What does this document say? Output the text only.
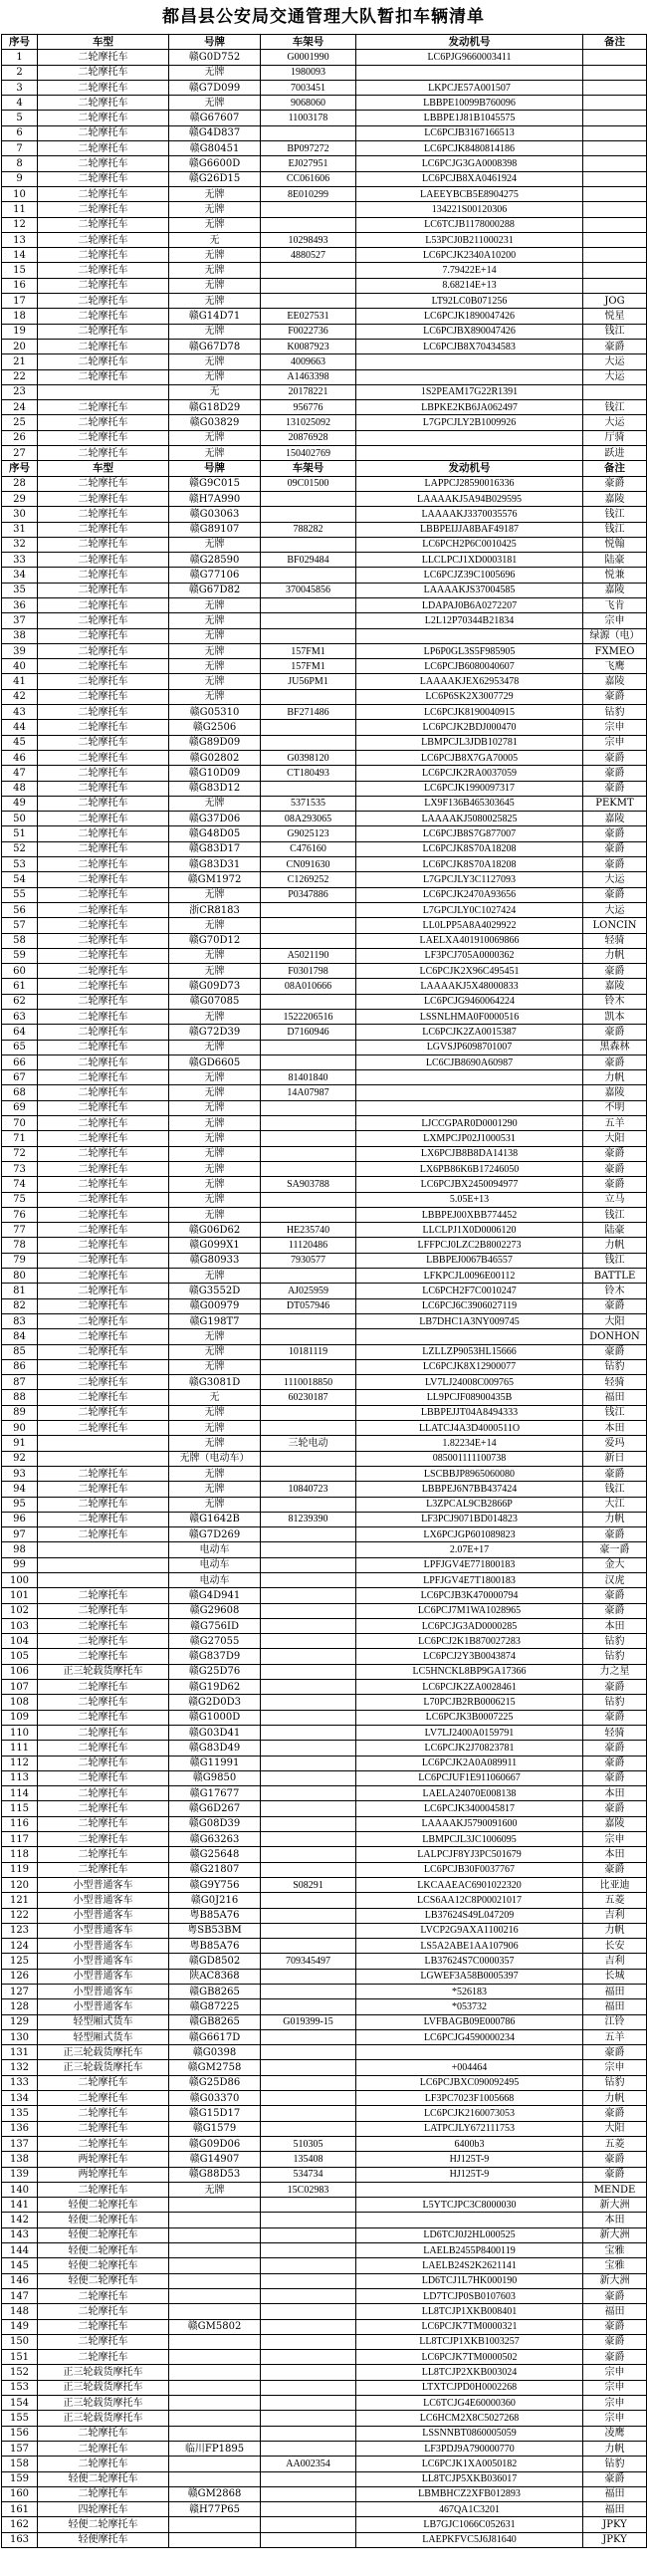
都昌县公安局交通管理大队暂扣车辆清单
序号	车型	号牌	车架号	发动机号	备注
1	二轮摩托车	赣G0D752	G0001990	LC6PJG9660003411	
2	二轮摩托车	无牌	1980093		
3	二轮摩托车	赣G7D099	7003451	LKPCJE57A001507	
4	二轮摩托车	无牌	9068060	LBBPE10099B760096	
5	二轮摩托车	赣G67607	11003178	LBBPE1J81B1045575	
6	二轮摩托车	赣G4D837		LC6PCJB3167166513	
7	二轮摩托车	赣G80451	BP097272	LC6PCJK8480814186	
8	二轮摩托车	赣G6600D	EJ027951	LC6PCJG3GA0008398	
9	二轮摩托车	赣G26D15	CC061606	LC6PCJB8XA0461924	
10	二轮摩托车	无牌	8E010299	LAEEYBCB5E8904275	
11	二轮摩托车	无牌		134221S00120306	
12	二轮摩托车	无牌		LC6TCJB1178000288	
13	二轮摩托车	无	10298493	L53PCJ0B211000231	
14	二轮摩托车	无牌	4880527	LC6PCJK2340A10200	
15	二轮摩托车	无牌		7.79422E+14	
16	二轮摩托车	无牌		8.68214E+13	
17	二轮摩托车	无牌		LT92LC0B071256	JOG
18	二轮摩托车	赣G14D71	EE027531	LC6PCJK1890047426	悦星
19	二轮摩托车	无牌	F0022736	LC6PCJBX890047426	钱江
20	二轮摩托车	赣G67D78	K0087923	LC6PCJB8X70434583	豪爵
21	二轮摩托车	无牌	4009663		大运
22	二轮摩托车	无牌	A1463398		大运
23		无	20178221	1S2PEAM17G22R1391	
24	二轮摩托车	赣G18D29	956776	LBPKE2KB6JA062497	钱江
25	二轮摩托车	赣G03829	131025092	L7GPCJLY2B1009926	大运
26	二轮摩托车	无牌	20876928		厅骑
27	二轮摩托车	无牌	150402769		跃进
序号	车型	号牌	车架号	发动机号	备注
28	二轮摩托车	赣G9C015	09C01500	LAPPCJ28590016336	豪爵
29	二轮摩托车	赣H7A990		LAAAAKJ5A94B029595	嘉陵
30	二轮摩托车	赣G03063		LAAAAKJ3370035576	钱江
31	二轮摩托车	赣G89107	788282	LBBPEIJJA8BAF49187	钱江
32	二轮摩托车	无牌		LC6PCH2P6C0010425	悦翰
33	二轮摩托车	赣G28590	BF029484	LLCLPCJ1XD0003181	陆豪
34	二轮摩托车	赣G77106		LC6PCJZ39C1005696	悦兼
35	二轮摩托车	赣G67D82	370045856	LAAAAKJS37004585	嘉陵
36	二轮摩托车	无牌		LDAPAJ0B6A0272207	飞肯
37	二轮摩托车	无牌		L2L12P70344B21834	宗申
38	二轮摩托车	无牌			绿源（电）
39	二轮摩托车	无牌	157FM1	LP6P0GL3S5F985905	FXMEO
40	二轮摩托车	无牌	157FM1	LC6PCJB6080040607	飞鹰
41	二轮摩托车	无牌	JU56PM1	LAAAAKJEX62953478	嘉陵
42	二轮摩托车	无牌		LC6P6SK2X3007729	豪爵
43	二轮摩托车	赣G05310	BF271486	LC6PCJK8190040915	钻豹
44	二轮摩托车	赣G2506		LC6PCJK2BDJ000470	宗申
45	二轮摩托车	赣G89D09		LBMPCJL3JDB102781	宗申
46	二轮摩托车	赣G02802	G0398120	LC6PCJB8X7GA70005	豪爵
47	二轮摩托车	赣G10D09	CT180493	LC6PCJK2RA0037059	豪爵
48	二轮摩托车	赣G83D12		LC6PCJK1990097317	豪爵
49	二轮摩托车	无牌	5371535	LX9F136B465303645	PEKMT
50	二轮摩托车	赣G37D06	08A293065	LAAAAKJ5080025825	嘉陵
51	二轮摩托车	赣G48D05	G9025123	LC6PCJB8S7G877007	豪爵
52	二轮摩托车	赣G83D17	C476160	LC6PCJK8S70A18208	豪爵
53	二轮摩托车	赣G83D31	CN091630	LC6PCJK8S70A18208	豪爵
54	二轮摩托车	赣GM1972	C1269252	L7GPCJLY3C1127093	大运
55	二轮摩托车	无牌	P0347886	LC6PCJK2470A93656	豪爵
56	二轮摩托车	浙CR8183		L7GPCJLY0C1027424	大运
57	二轮摩托车	无牌		LL0LPP5A8A4029922	LONCIN
58	二轮摩托车	赣G70D12		LAELXA401910069866	轻骑
59	二轮摩托车	无牌	A5021190	LF3PCJ705A0000362	力帆
60	二轮摩托车	无牌	F0301798	LC6PCJK2X96C495451	豪爵
61	二轮摩托车	赣G09D73	08A010666	LAAAAKJ5X48000833	嘉陵
62	二轮摩托车	赣G07085		LC6PCJG9460064224	铃木
63	二轮摩托车	无牌	1522206516	LSSNLHMA0F0000516	凯本
64	二轮摩托车	赣G72D39	D7160946	LC6PCJK2ZA0015387	豪爵
65	二轮摩托车	无牌		LGVSJP6098701007	黑森林
66	二轮摩托车	赣GD6605		LC6CJB8690A60987	豪爵
67	二轮摩托车	无牌	81401840		力帆
68	二轮摩托车	无牌	14A07987		嘉陵
69	二轮摩托车	无牌			不明
70	二轮摩托车	无牌		LJCCGPAR0D0001290	五羊
71	二轮摩托车	无牌		LXMPCJP02J1000531	大阳
72	二轮摩托车	无牌		LX6PCJB8B8DA14138	豪爵
73	二轮摩托车	无牌		LX6PB86K6B17246050	豪爵
74	二轮摩托车	无牌	SA903788	LC6PCJBX2450094977	豪爵
75	二轮摩托车	无牌		5.05E+13	立马
76	二轮摩托车	无牌		LBBPEJ00XBB774452	钱江
77	二轮摩托车	赣G06D62	HE235740	LLCLPJ1X0D0006120	陆豪
78	二轮摩托车	赣G099X1	11120486	LFFPCJ0LZC2B8002273	力帆
79	二轮摩托车	赣G80933	7930577	LBBPEJ0067B46557	钱江
80	二轮摩托车	无牌		LFKPCJL0096E00112	BATTLE
81	二轮摩托车	赣G3552D	AJ025959	LC6PCH2F7C0010247	铃木
82	二轮摩托车	赣G00979	DT057946	LC6PCJ6C3906027119	豪爵
83	二轮摩托车	赣G198T7		LB7DHC1A3NY009745	大阳
84	二轮摩托车	无牌			DONHON
85	二轮摩托车	无牌	10181119	LZLLZP9053HL15666	豪爵
86	二轮摩托车	无牌		LC6PCJK8X12900077	钻豹
87	二轮摩托车	赣G3081D	1110018850	LV7LJ24008C009765	轻骑
88	二轮摩托车	无	60230187	LL9PCJF08900435B	福田
89	二轮摩托车	无牌		LBBPEJJT04A8494333	钱江
90	二轮摩托车	无牌		LLATCJ4A3D4000511O	本田
91		无牌	三轮电动	1.82234E+14	爱玛
92		无牌（电动车）		085001111100738	新日
93	二轮摩托车	无牌		LSCBBJP8965060080	豪爵
94	二轮摩托车	无牌	10840723	LBBPEJ6N7BB437424	钱江
95	二轮摩托车	无牌		L3ZPCAL9CB2866P	大江
96	二轮摩托车	赣G1642B	81239390	LF3PCJ9071BD014823	力帆
97	二轮摩托车	赣G7D269		LX6PCJGP601089823	豪爵
98		电动车		2.07E+17	豪一爵
99		电动车		LPFJGV4E771800183	金大
100		电动车		LPFJGV4E7T1800183	汉虎
101	二轮摩托车	赣G4D941		LC6PCJB3K470000794	豪爵
102	二轮摩托车	赣G29608		LC6PCJ7M1WA1028965	豪爵
103	二轮摩托车	赣G756ID		LC6PCJG3AD0000285	本田
104	二轮摩托车	赣G27055		LC6PCJ2K1B870027283	钻豹
105	二轮摩托车	赣G837D9		LC6PCJ2Y3B0043874	钻豹
106	正三轮载货摩托车	赣G25D76		LC5HNCKL8BP9GA17366	力之星
107	二轮摩托车	赣G19D62		LC6PCJK2ZA0028461	豪爵
108	二轮摩托车	赣G2D0D3		L70PCJB2RB0006215	钻豹
109	二轮摩托车	赣G1000D		LC6PCJK3B0007225	豪爵
110	二轮摩托车	赣G03D41		LV7LJ2400A0159791	轻骑
111	二轮摩托车	赣G83D49		LC6PCJK2J70823781	豪爵
112	二轮摩托车	赣G11991		LC6PCJK2A0A089911	豪爵
113	二轮摩托车	赣G9850		LC6PCJUF1E911060667	豪爵
114	二轮摩托车	赣G17677		LAELA24070E008138	本田
115	二轮摩托车	赣G6D267		LC6PCJK3400045817	豪爵
116	二轮摩托车	赣G08D39		LAAAAKJ5790091600	嘉陵
117	二轮摩托车	赣G63263		LBMPCJL3JC1006095	宗申
118	二轮摩托车	赣G25648		LALPCJF8YJ3PC501679	本田
119	二轮摩托车	赣G21807		LC6PCJB30F0037767	豪爵
120	小型普通客车	赣G9Y756	S08291	LKCAAEAC6901022320	比亚迪
121	小型普通客车	赣G0J216		LCS6AA12C8P00021017	五菱
122	小型普通客车	粤B85A76		LB37624S49L047209	吉利
123	小型普通客车	粤SB53BM		LVCP2G9AXA1100216	力帆
124	小型普通客车	粤B85A76		LS5A2ABE1AA107906	长安
125	小型普通客车	赣GD8502	709345497	LB37624S7C0000357	吉利
126	小型普通客车	陕AC8368		LGWEF3A58B0005397	长城
127	小型普通客车	赣GB8265		*526183	福田
128	小型普通客车	赣G87225		*053732	福田
129	轻型厢式货车	赣GB8265	G019399-15	LVFBAGB09E000786	江铃
130	轻型厢式货车	赣G6617D		LC6PCJG4590000234	五羊
131	正三轮载货摩托车	赣G0398			豪爵
132	正三轮载货摩托车	赣GM2758		+004464	宗申
133	二轮摩托车	赣G25D86		LC6PCJBXC090092495	钻豹
134	二轮摩托车	赣G03370		LF3PC7023F1005668	力帆
135	二轮摩托车	赣G15D17		LC6PCJK2160073053	豪爵
136	二轮摩托车	赣G1579		LATPCJLY672111753	大阳
137	二轮摩托车	赣G09D06	510305	6400b3	五菱
138	两轮摩托车	赣G14907	135408	HJ125T-9	豪爵
139	两轮摩托车	赣G88D53	534734	HJ125T-9	豪爵
140	二轮摩托车	无牌	15C02983		MENDE
141	轻便二轮摩托车			L5YTCJPC3C8000030	新大洲
142	轻便二轮摩托车				本田
143	轻便二轮摩托车			LD6TCJ0J2HL000525	新大洲
144	轻便二轮摩托车			LAELB2455P8400119	宝雅
145	轻便二轮摩托车			LAELB24S2K2621141	宝雅
146	轻便二轮摩托车			LD6TCJ1L7HK000190	新大洲
147	二轮摩托车			LD7TCJP0SB0107603	豪爵
148	二轮摩托车			LL8TCJP1XKB008401	福田
149	二轮摩托车	赣GM5802		LC6PCJK7TM0000321	豪爵
150	二轮摩托车			LL8TCJP1XKB1003257	豪爵
151	二轮摩托车			LC6PCJK7TM0000502	豪爵
152	正三轮载货摩托车			LL8TCJP2XKB003024	宗申
153	正三轮载货摩托车			LTXTCJPD0H0002268	宗申
154	正三轮载货摩托车			LC6TCJG4E60000360	宗申
155	正三轮载货摩托车			LC6HCM2X8C5027268	宗申
156	二轮摩托车			LSSNNBT0860005059	凌鹰
157	二轮摩托车	临川FP1895		LF3PDJ9A790000770	力帆
158	二轮摩托车		AA002354	LC6PCJK1XA0050182	钻豹
159	轻便二轮摩托车			LL8TCJP5XKB036017	豪爵
160	二轮摩托车	赣GM2868		LBMBHCZ2XFB012893	福田
161	四轮摩托车	赣H77P65		467QA1C3201	福田
162	轻便二轮摩托车			LB7GJC1066C052631	JPKY
163	轻便摩托车			LAEPKFVC5J6J81640	JPKY
